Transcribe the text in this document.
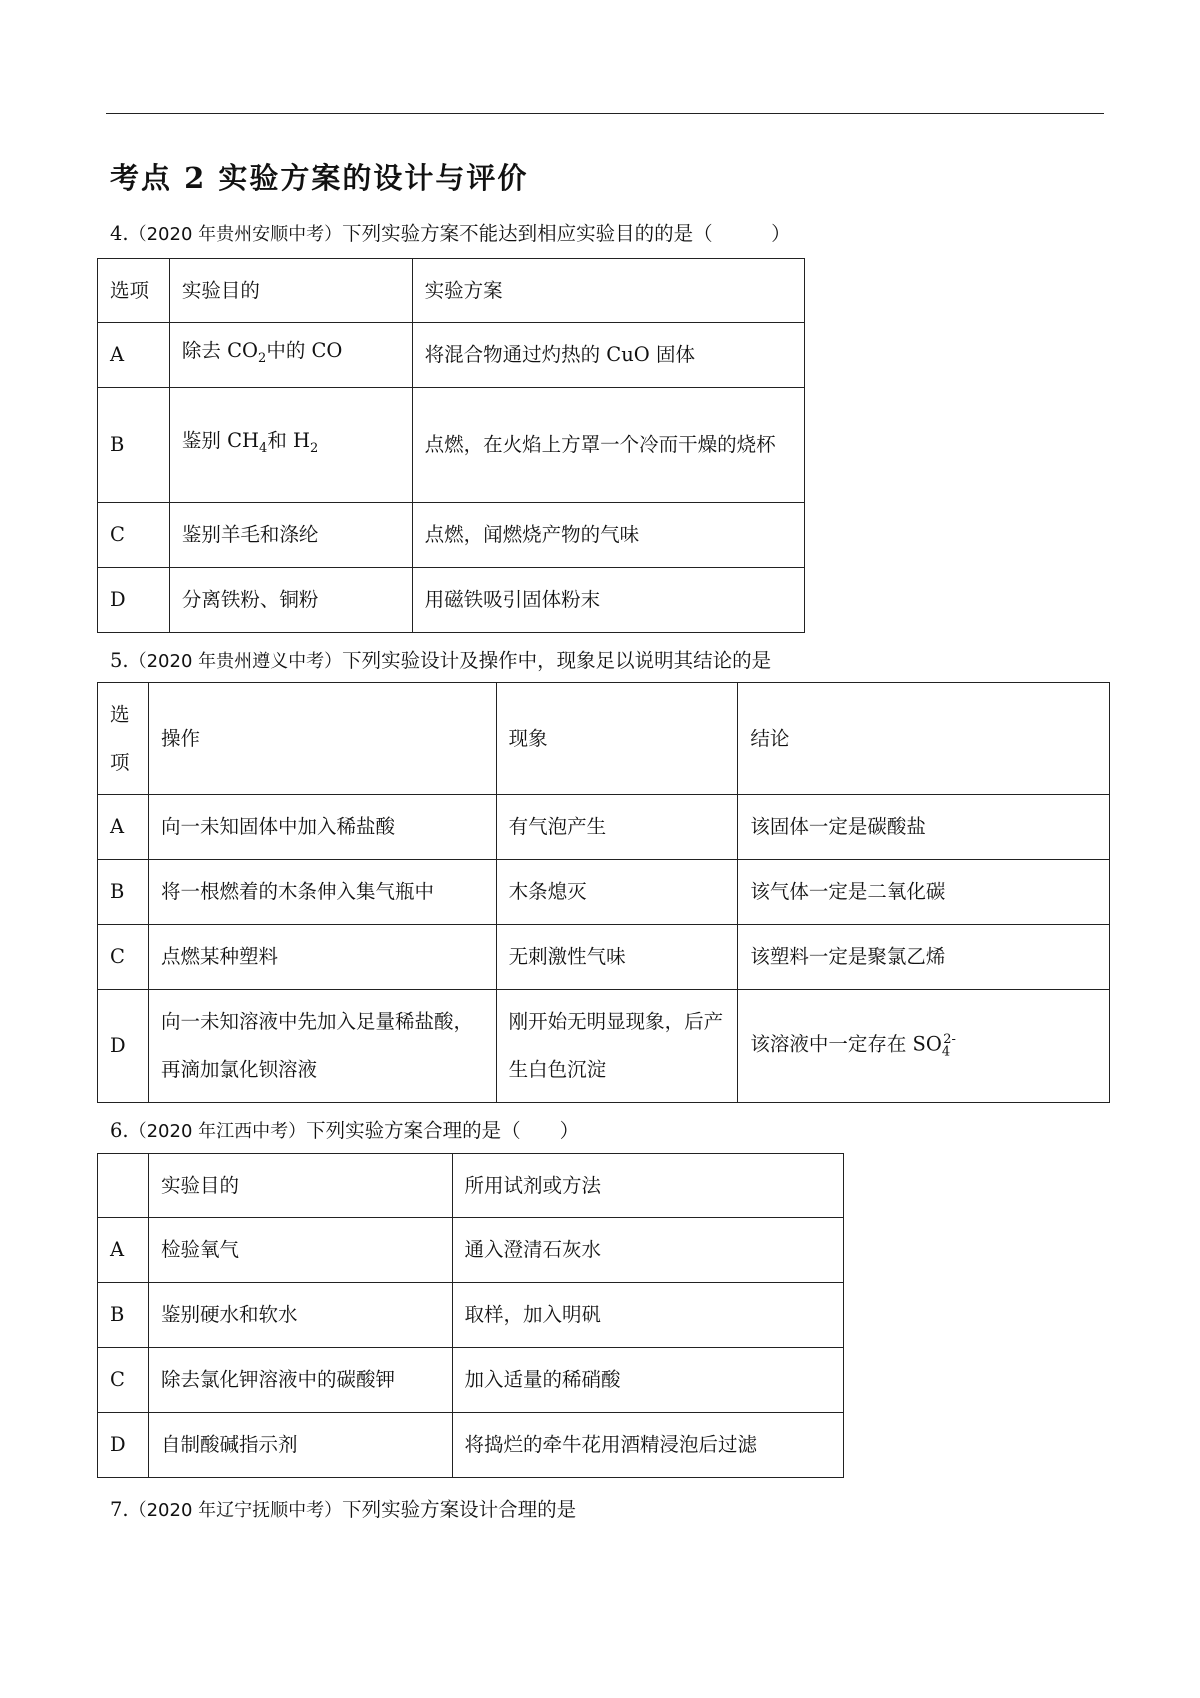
考点 2 实验方案的设计与评价
4.（2020 年贵州安顺中考）下列实验方案不能达到相应实验目的的是（　　　）
选项	实验目的	实验方案
A	除去 $CO_2$中的 CO	将混合物通过灼热的 CuO 固体
B	鉴别 $CH_4$和 $H_2$	点燃，在火焰上方罩一个冷而干燥的烧杯
C	鉴别羊毛和涤纶	点燃，闻燃烧产物的气味
D	分离铁粉、铜粉	用磁铁吸引固体粉末
5.（2020 年贵州遵义中考）下列实验设计及操作中，现象足以说明其结论的是
选项	操作	现象	结论
A	向一未知固体中加入稀盐酸	有气泡产生	该固体一定是碳酸盐
B	将一根燃着的木条伸入集气瓶中	木条熄灭	该气体一定是二氧化碳
C	点燃某种塑料	无刺激性气味	该塑料一定是聚氯乙烯
D	向一未知溶液中先加入足量稀盐酸，再滴加氯化钡溶液	刚开始无明显现象，后产生白色沉淀	该溶液中一定存在 $SO_4^{2-}$
6.（2020 年江西中考）下列实验方案合理的是（　　）
	实验目的	所用试剂或方法
A	检验氧气	通入澄清石灰水
B	鉴别硬水和软水	取样，加入明矾
C	除去氯化钾溶液中的碳酸钾	加入适量的稀硝酸
D	自制酸碱指示剂	将捣烂的牵牛花用酒精浸泡后过滤
7.（2020 年辽宁抚顺中考）下列实验方案设计合理的是
